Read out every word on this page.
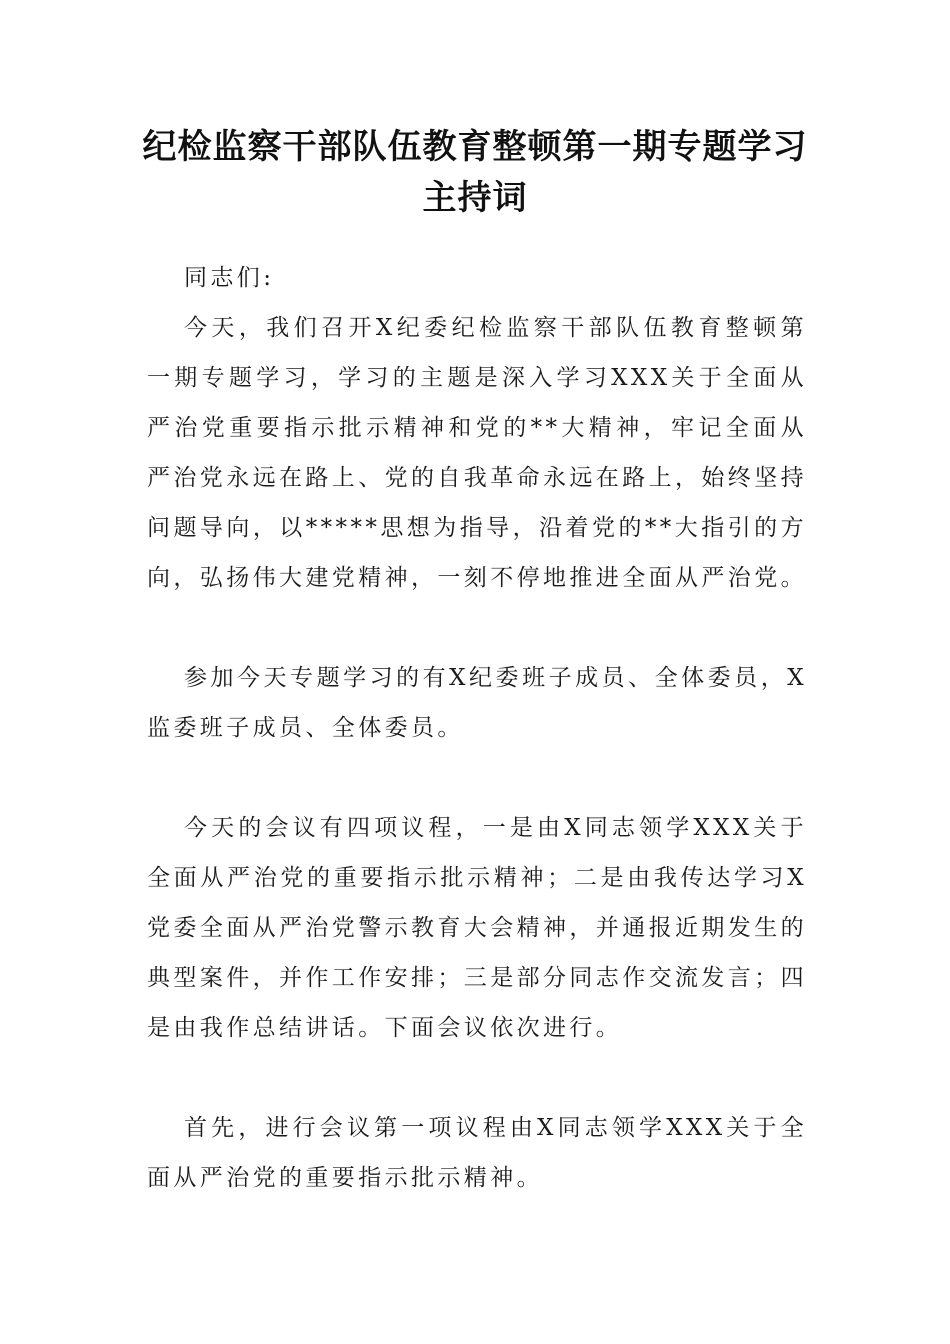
纪检监察干部队伍教育整顿第一期专题学习主持词

同志们:

今天，我们召开X纪委纪检监察干部队伍教育整顿第一期专题学习，学习的主题是深入学习XXX关于全面从严治党重要指示批示精神和党的**大精神，牢记全面从严治党永远在路上、党的自我革命永远在路上，始终坚持问题导向，以*****思想为指导，沿着党的**大指引的方向，弘扬伟大建党精神，一刻不停地推进全面从严治党。

参加今天专题学习的有X纪委班子成员、全体委员，X监委班子成员、全体委员。

今天的会议有四项议程，一是由X同志领学XXX关于全面从严治党的重要指示批示精神；二是由我传达学习X党委全面从严治党警示教育大会精神，并通报近期发生的典型案件，并作工作安排；三是部分同志作交流发言；四是由我作总结讲话。下面会议依次进行。

首先，进行会议第一项议程由X同志领学XXX关于全面从严治党的重要指示批示精神。
